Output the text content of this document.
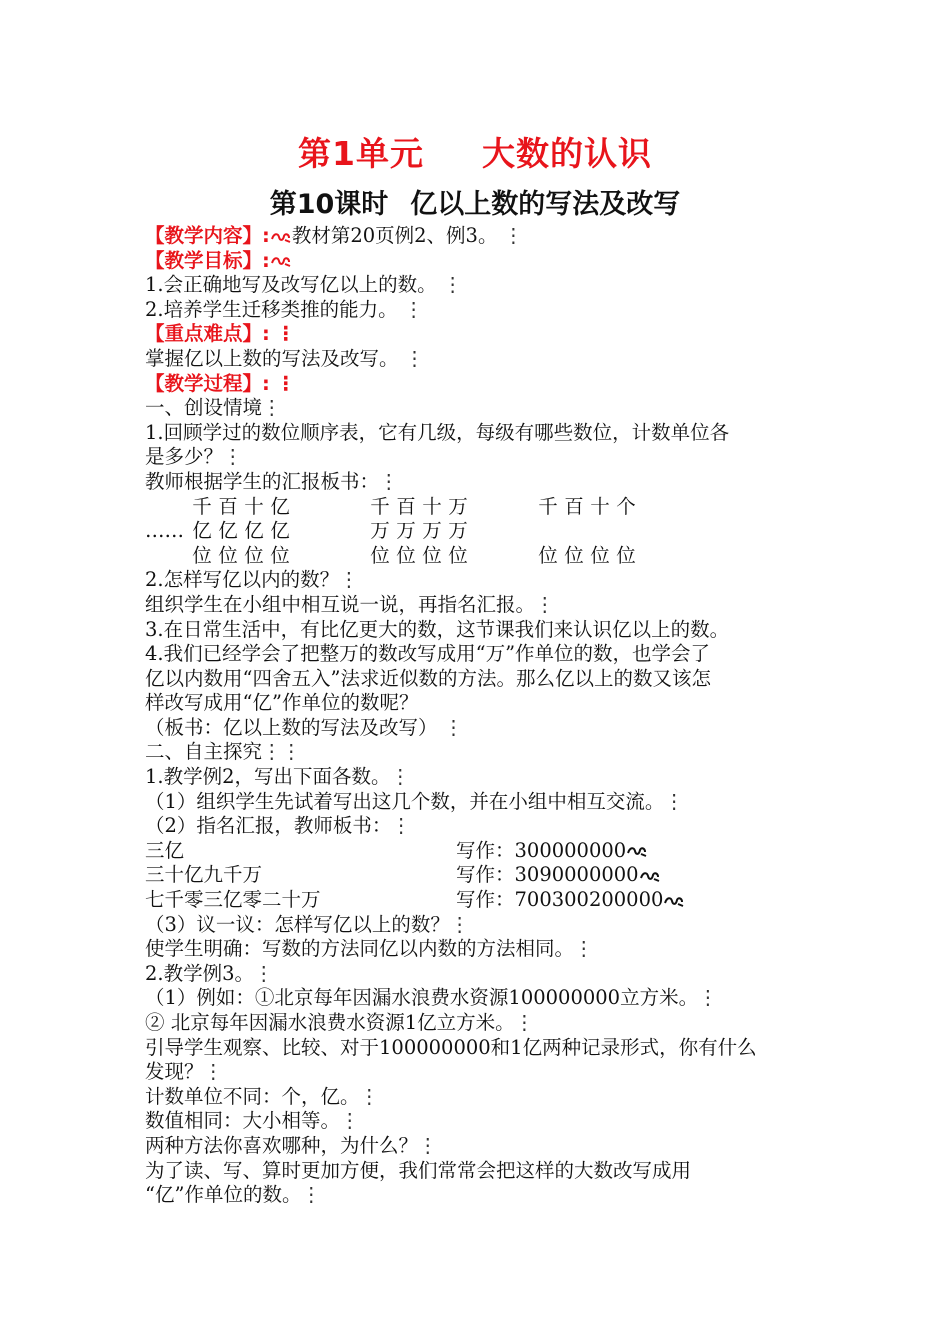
第1单元 大数的认识
第10课时 亿以上数的写法及改写
【教学内容】: 教材第20页例2、例3。 ⋮
【教学目标】:
1.会正确地写及改写亿以上的数。 ⋮
2.培养学生迁移类推的能力。 ⋮
【重点难点】: ⋮
掌握亿以上数的写法及改写。 ⋮
【教学过程】: ⋮
一、创设情境⋮
1.回顾学过的数位顺序表，它有几级，每级有哪些数位，计数单位各
是多少？⋮
教师根据学生的汇报板书：⋮
千 百 十 亿	千 百 十 万	千 百 十 个
…… 亿 亿 亿 亿	万 万 万 万
位 位 位 位	位 位 位 位	位 位 位 位
2.怎样写亿以内的数？⋮
组织学生在小组中相互说一说，再指名汇报。⋮
3.在日常生活中，有比亿更大的数，这节课我们来认识亿以上的数。
4.我们已经学会了把整万的数改写成用“万”作单位的数，也学会了
亿以内数用“四舍五入”法求近似数的方法。那么亿以上的数又该怎
样改写成用“亿”作单位的数呢？
（板书：亿以上数的写法及改写） ⋮
二、自主探究⋮⋮
1.教学例2，写出下面各数。⋮
（1）组织学生先试着写出这几个数，并在小组中相互交流。⋮
（2）指名汇报，教师板书：⋮
三亿	写作：300000000
三十亿九千万	写作：3090000000
七千零三亿零二十万	写作：700300200000
（3）议一议：怎样写亿以上的数？⋮
使学生明确：写数的方法同亿以内数的方法相同。⋮
2.教学例3。⋮
（1）例如：①北京每年因漏水浪费水资源100000000立方米。⋮
② 北京每年因漏水浪费水资源1亿立方米。⋮
引导学生观察、比较、对于100000000和1亿两种记录形式，你有什么
发现？⋮
计数单位不同：个，亿。⋮
数值相同：大小相等。⋮
两种方法你喜欢哪种，为什么？⋮
为了读、写、算时更加方便，我们常常会把这样的大数改写成用
“亿”作单位的数。⋮
